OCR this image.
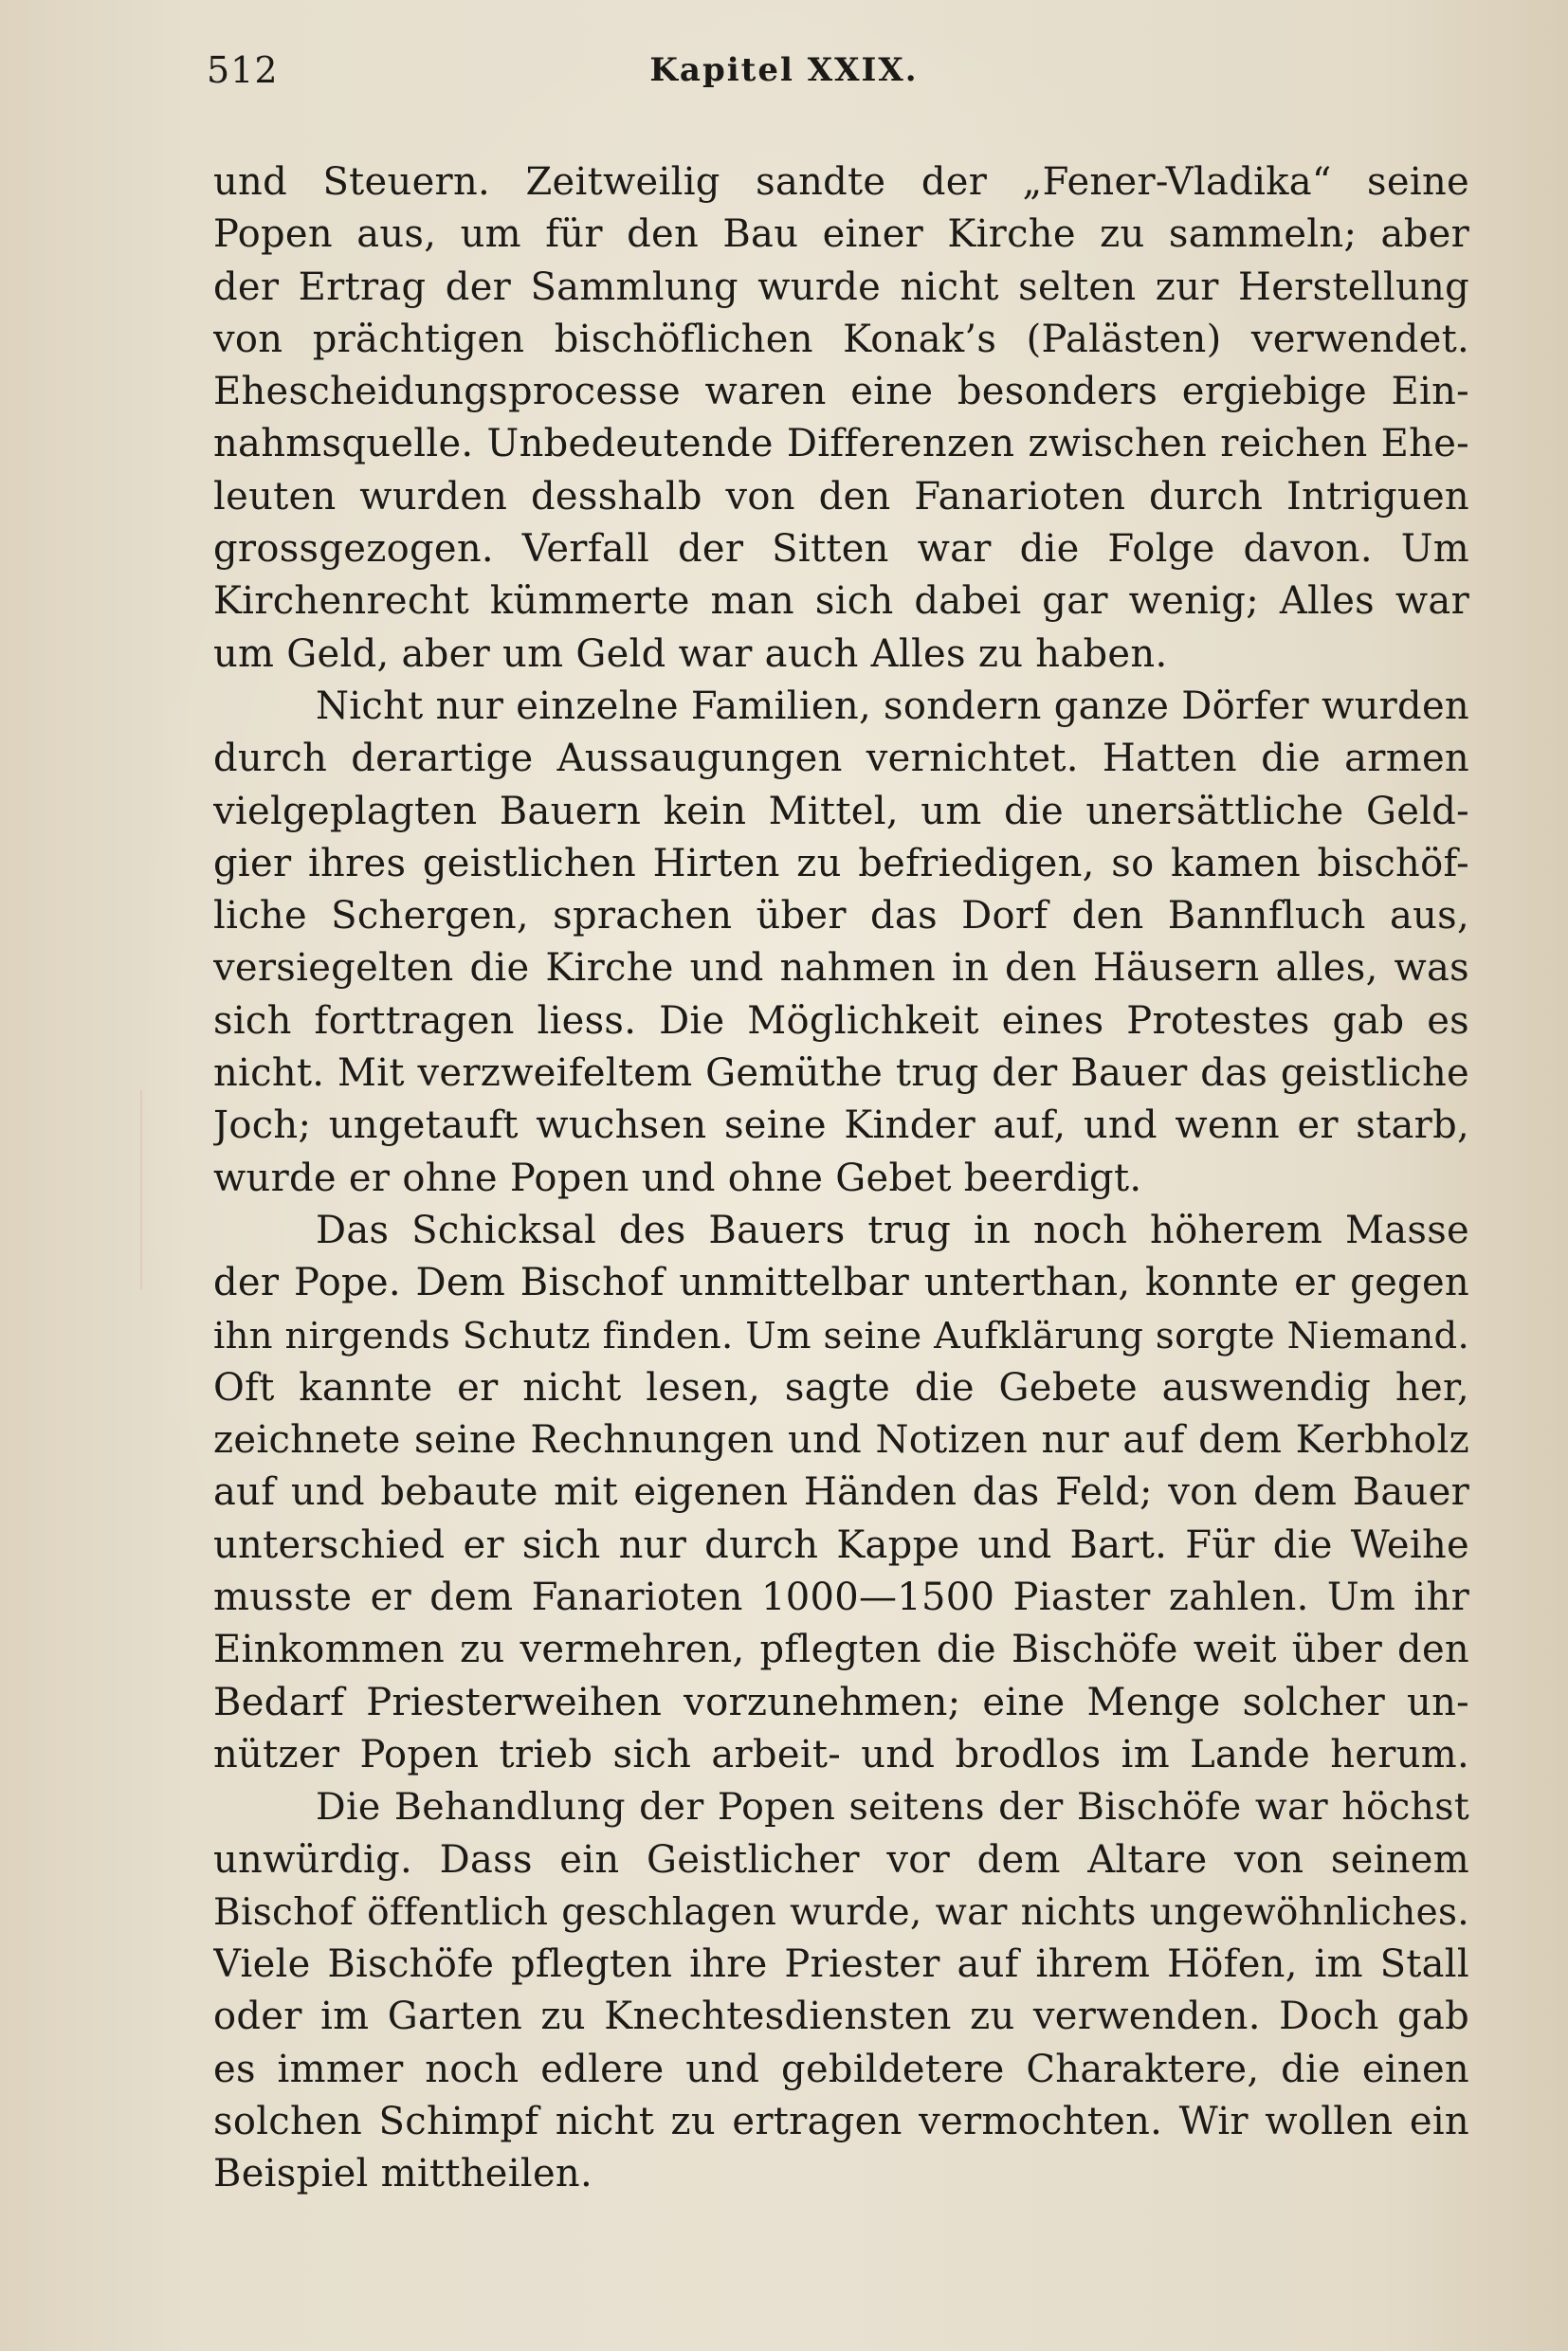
512	Kapitel XXIX.
und Steuern. Zeitweilig sandte der „Fener-Vladika“ seine
Popen aus, um für den Bau einer Kirche zu sammeln; aber
der Ertrag der Sammlung wurde nicht selten zur Herstellung
von prächtigen bischöflichen Konak’s (Palästen) verwendet.
Ehescheidungsprocesse waren eine besonders ergiebige Ein-
nahmsquelle. Unbedeutende Differenzen zwischen reichen Ehe-
leuten wurden desshalb von den Fanarioten durch Intriguen
grossgezogen. Verfall der Sitten war die Folge davon. Um
Kirchenrecht kümmerte man sich dabei gar wenig; Alles war
um Geld, aber um Geld war auch Alles zu haben.
Nicht nur einzelne Familien, sondern ganze Dörfer wurden
durch derartige Aussaugungen vernichtet. Hatten die armen
vielgeplagten Bauern kein Mittel, um die unersättliche Geld-
gier ihres geistlichen Hirten zu befriedigen, so kamen bischöf-
liche Schergen, sprachen über das Dorf den Bannfluch aus,
versiegelten die Kirche und nahmen in den Häusern alles, was
sich forttragen liess. Die Möglichkeit eines Protestes gab es
nicht. Mit verzweifeltem Gemüthe trug der Bauer das geistliche
Joch; ungetauft wuchsen seine Kinder auf, und wenn er starb,
wurde er ohne Popen und ohne Gebet beerdigt.
Das Schicksal des Bauers trug in noch höherem Masse
der Pope. Dem Bischof unmittelbar unterthan, konnte er gegen
ihn nirgends Schutz finden. Um seine Aufklärung sorgte Niemand.
Oft kannte er nicht lesen, sagte die Gebete auswendig her,
zeichnete seine Rechnungen und Notizen nur auf dem Kerbholz
auf und bebaute mit eigenen Händen das Feld; von dem Bauer
unterschied er sich nur durch Kappe und Bart. Für die Weihe
musste er dem Fanarioten 1000—1500 Piaster zahlen. Um ihr
Einkommen zu vermehren, pflegten die Bischöfe weit über den
Bedarf Priesterweihen vorzunehmen; eine Menge solcher un-
nützer Popen trieb sich arbeit- und brodlos im Lande herum.
Die Behandlung der Popen seitens der Bischöfe war höchst
unwürdig. Dass ein Geistlicher vor dem Altare von seinem
Bischof öffentlich geschlagen wurde, war nichts ungewöhnliches.
Viele Bischöfe pflegten ihre Priester auf ihrem Höfen, im Stall
oder im Garten zu Knechtesdiensten zu verwenden. Doch gab
es immer noch edlere und gebildetere Charaktere, die einen
solchen Schimpf nicht zu ertragen vermochten. Wir wollen ein
Beispiel mittheilen.
